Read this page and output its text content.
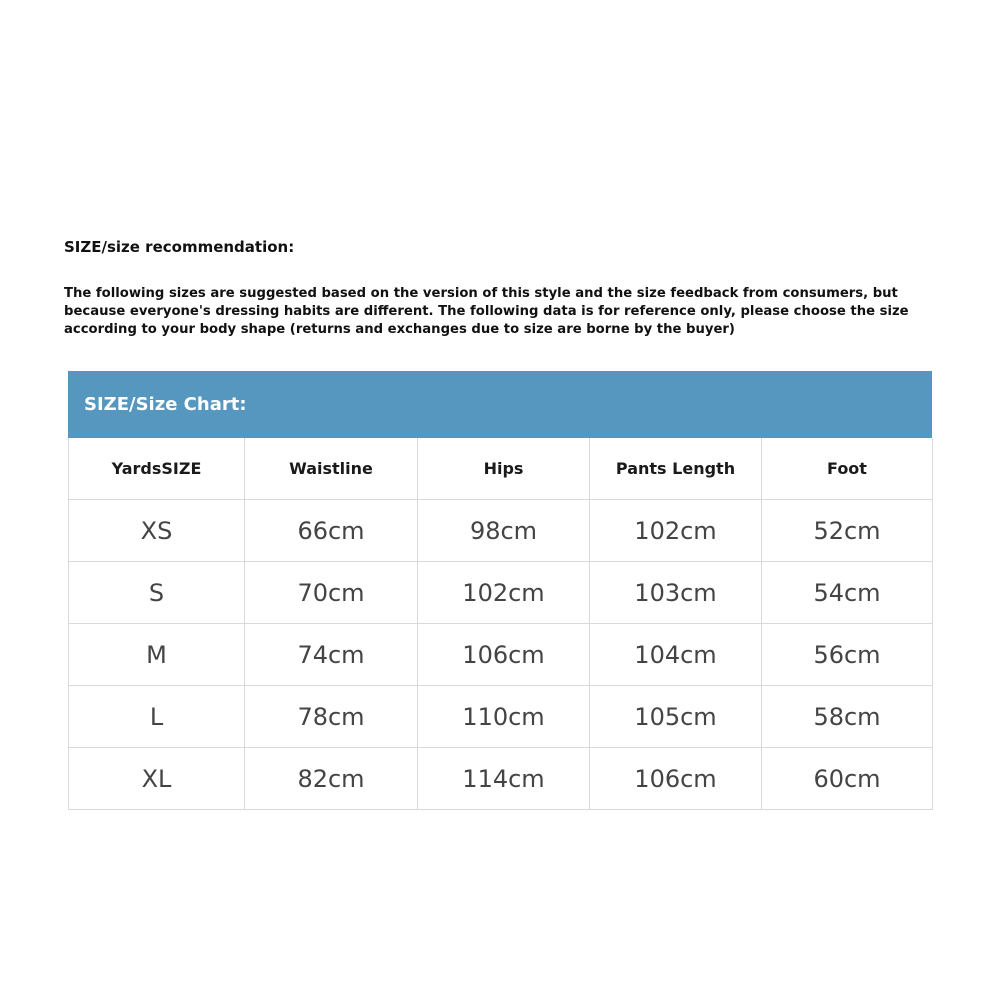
SIZE/size recommendation:

The following sizes are suggested based on the version of this style and the size feedback from consumers, but because everyone's dressing habits are different. The following data is for reference only, please choose the size according to your body shape (returns and exchanges due to size are borne by the buyer)

SIZE/Size Chart:
YardsSIZE	Waistline	Hips	Pants Length	Foot
XS	66cm	98cm	102cm	52cm
S	70cm	102cm	103cm	54cm
M	74cm	106cm	104cm	56cm
L	78cm	110cm	105cm	58cm
XL	82cm	114cm	106cm	60cm
